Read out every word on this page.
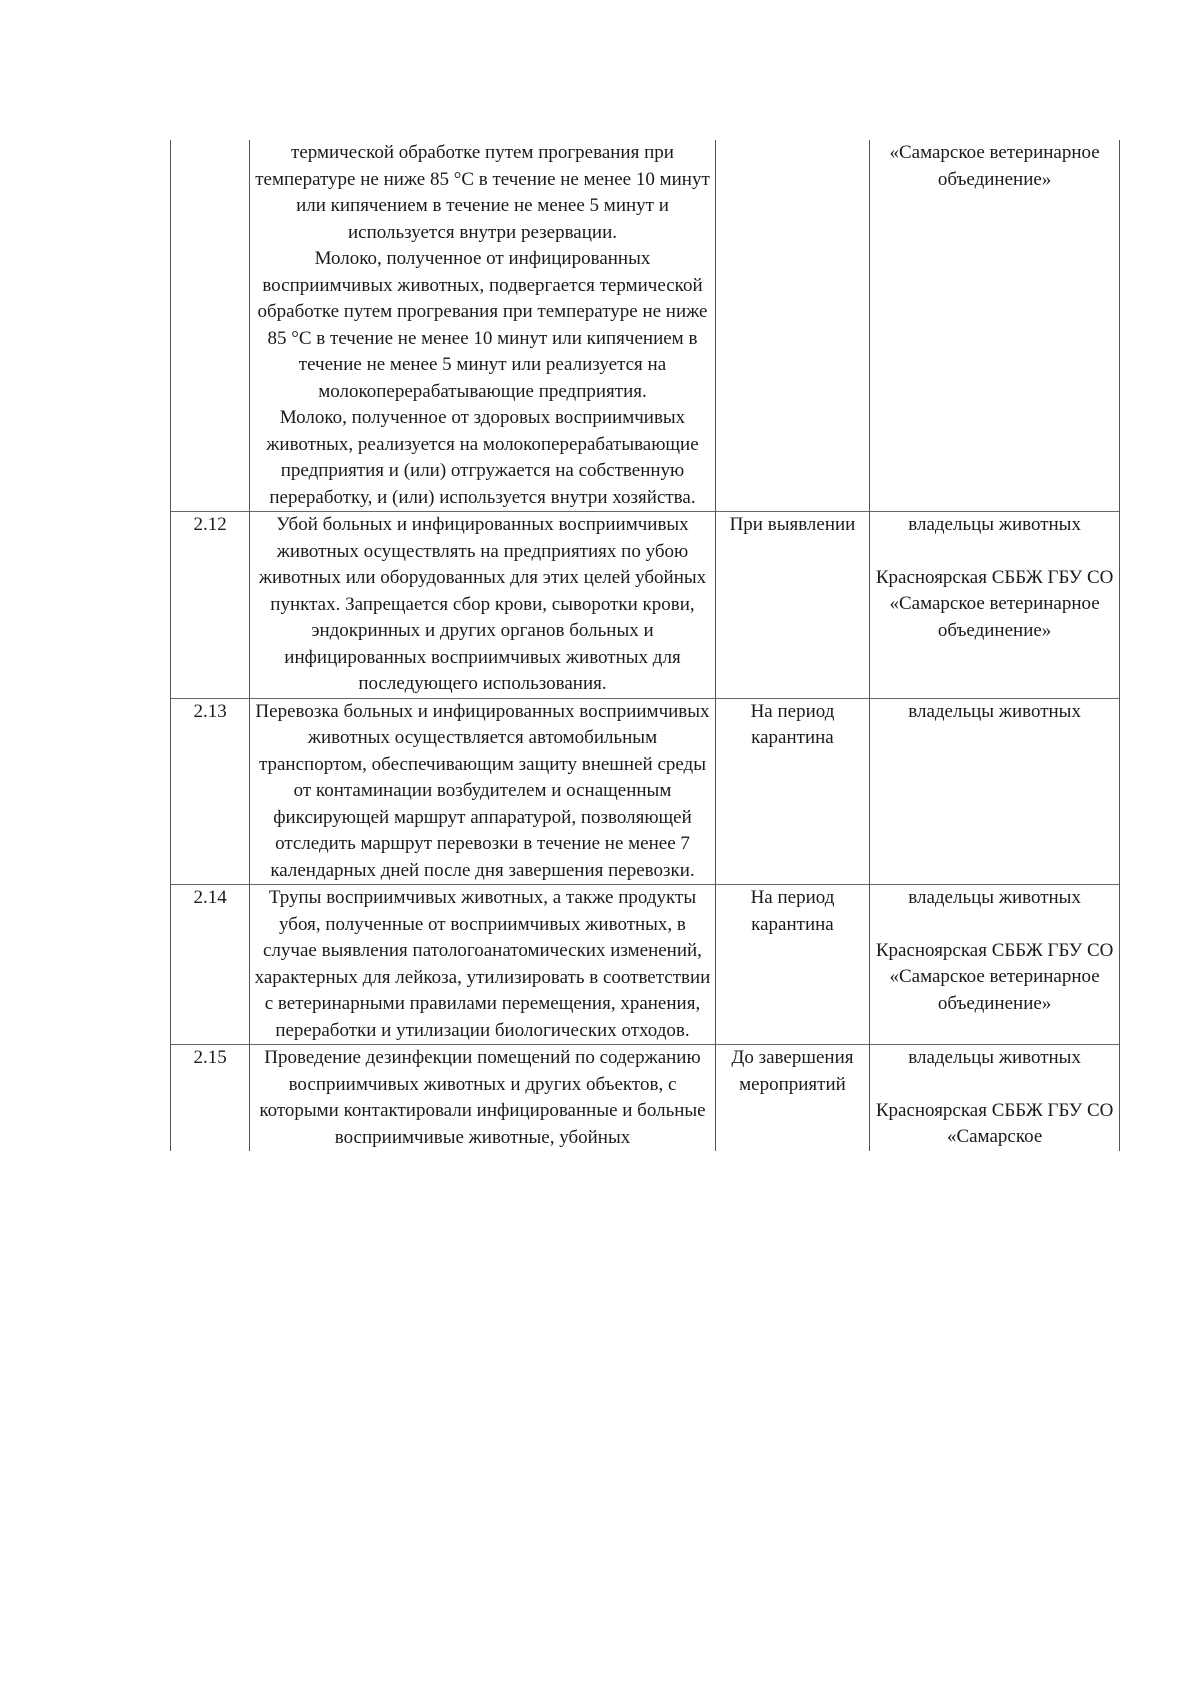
	термической обработке путем прогревания при температуре не ниже 85 °С в течение не менее 10 минут или кипячением в течение не менее 5 минут и используется внутри резервации.
Молоко, полученное от инфицированных восприимчивых животных, подвергается термической обработке путем прогревания при температуре не ниже 85 °С в течение не менее 10 минут или кипячением в течение не менее 5 минут или реализуется на молокоперерабатывающие предприятия.
Молоко, полученное от здоровых восприимчивых животных, реализуется на молокоперерабатывающие предприятия и (или) отгружается на собственную переработку, и (или) используется внутри хозяйства.		«Самарское ветеринарное объединение»

2.12	Убой больных и инфицированных восприимчивых животных осуществлять на предприятиях по убою животных или оборудованных для этих целей убойных пунктах. Запрещается сбор крови, сыворотки крови, эндокринных и других органов больных и инфицированных восприимчивых животных для последующего использования.	При выявлении	владельцы животных
Красноярская СББЖ ГБУ СО «Самарское ветеринарное объединение»

2.13	Перевозка больных и инфицированных восприимчивых животных осуществляется автомобильным транспортом, обеспечивающим защиту внешней среды от контаминации возбудителем и оснащенным фиксирующей маршрут аппаратурой, позволяющей отследить маршрут перевозки в течение не менее 7 календарных дней после дня завершения перевозки.	На период карантина	владельцы животных

2.14	Трупы восприимчивых животных, а также продукты убоя, полученные от восприимчивых животных, в случае выявления патологоанатомических изменений, характерных для лейкоза, утилизировать в соответствии с ветеринарными правилами перемещения, хранения, переработки и утилизации биологических отходов.	На период карантина	владельцы животных
Красноярская СББЖ ГБУ СО «Самарское ветеринарное объединение»

2.15	Проведение дезинфекции помещений по содержанию восприимчивых животных и других объектов, с которыми контактировали инфицированные и больные восприимчивые животные, убойных	До завершения мероприятий	владельцы животных
Красноярская СББЖ ГБУ СО «Самарское
